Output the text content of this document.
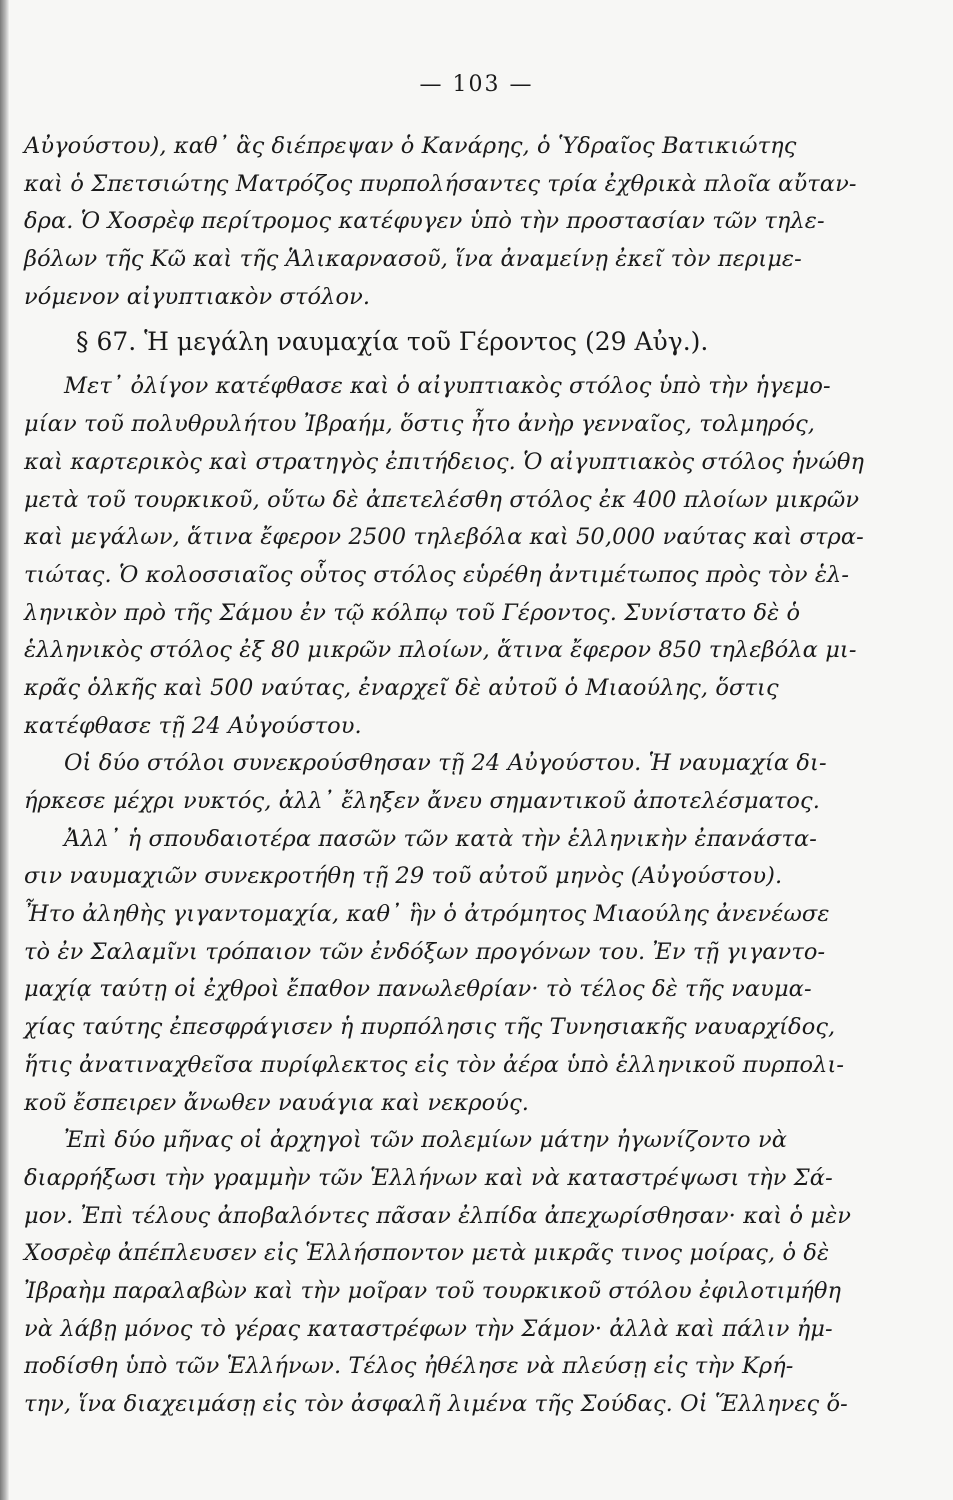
— 103 —
Αὐγούστου), καθ᾽ ἃς διέπρεψαν ὁ Κανάρης, ὁ Ὑδραῖος Βατικιώτης
καὶ ὁ Σπετσιώτης Ματρόζος πυρπολήσαντες τρία ἐχθρικὰ πλοῖα αὔταν-
δρα. Ὁ Χοσρὲφ περίτρομος κατέφυγεν ὑπὸ τὴν προστασίαν τῶν τηλε-
βόλων τῆς Κῶ καὶ τῆς Ἁλικαρνασοῦ, ἵνα ἀναμείνῃ ἐκεῖ τὸν περιμε-
νόμενον αἰγυπτιακὸν στόλον.
§ 67. Ἡ μεγάλη ναυμαχία τοῦ Γέροντος (29 Αὐγ.).
Μετ᾽ ὀλίγον κατέφθασε καὶ ὁ αἰγυπτιακὸς στόλος ὑπὸ τὴν ἡγεμο-
μίαν τοῦ πολυθρυλήτου Ἰβραήμ, ὅστις ἦτο ἀνὴρ γενναῖος, τολμηρός,
καὶ καρτερικὸς καὶ στρατηγὸς ἐπιτήδειος. Ὁ αἰγυπτιακὸς στόλος ἡνώθη
μετὰ τοῦ τουρκικοῦ, οὕτω δὲ ἀπετελέσθη στόλος ἐκ 400 πλοίων μικρῶν
καὶ μεγάλων, ἅτινα ἔφερον 2500 τηλεβόλα καὶ 50,000 ναύτας καὶ στρα-
τιώτας. Ὁ κολοσσιαῖος οὗτος στόλος εὑρέθη ἀντιμέτωπος πρὸς τὸν ἑλ-
ληνικὸν πρὸ τῆς Σάμου ἐν τῷ κόλπῳ τοῦ Γέροντος. Συνίστατο δὲ ὁ
ἑλληνικὸς στόλος ἐξ 80 μικρῶν πλοίων, ἅτινα ἔφερον 850 τηλεβόλα μι-
κρᾶς ὁλκῆς καὶ 500 ναύτας, ἐναρχεῖ δὲ αὐτοῦ ὁ Μιαούλης, ὅστις
κατέφθασε τῇ 24 Αὐγούστου.
Οἱ δύο στόλοι συνεκρούσθησαν τῇ 24 Αὐγούστου. Ἡ ναυμαχία δι-
ήρκεσε μέχρι νυκτός, ἀλλ᾽ ἔληξεν ἄνευ σημαντικοῦ ἀποτελέσματος.
Ἀλλ᾽ ἡ σπουδαιοτέρα πασῶν τῶν κατὰ τὴν ἑλληνικὴν ἐπανάστα-
σιν ναυμαχιῶν συνεκροτήθη τῇ 29 τοῦ αὐτοῦ μηνὸς (Αὐγούστου).
Ἦτο ἀληθὴς γιγαντομαχία, καθ᾽ ἣν ὁ ἀτρόμητος Μιαούλης ἀνενέωσε
τὸ ἐν Σαλαμῖνι τρόπαιον τῶν ἐνδόξων προγόνων του. Ἐν τῇ γιγαντο-
μαχίᾳ ταύτῃ οἱ ἐχθροὶ ἔπαθον πανωλεθρίαν· τὸ τέλος δὲ τῆς ναυμα-
χίας ταύτης ἐπεσφράγισεν ἡ πυρπόλησις τῆς Τυνησιακῆς ναυαρχίδος,
ἥτις ἀνατιναχθεῖσα πυρίφλεκτος εἰς τὸν ἀέρα ὑπὸ ἑλληνικοῦ πυρπολι-
κοῦ ἔσπειρεν ἄνωθεν ναυάγια καὶ νεκρούς.
Ἐπὶ δύο μῆνας οἱ ἀρχηγοὶ τῶν πολεμίων μάτην ἠγωνίζοντο νὰ
διαρρήξωσι τὴν γραμμὴν τῶν Ἑλλήνων καὶ νὰ καταστρέψωσι τὴν Σά-
μον. Ἐπὶ τέλους ἀποβαλόντες πᾶσαν ἐλπίδα ἀπεχωρίσθησαν· καὶ ὁ μὲν
Χοσρὲφ ἀπέπλευσεν εἰς Ἑλλήσποντον μετὰ μικρᾶς τινος μοίρας, ὁ δὲ
Ἰβραὴμ παραλαβὼν καὶ τὴν μοῖραν τοῦ τουρκικοῦ στόλου ἐφιλοτιμήθη
νὰ λάβῃ μόνος τὸ γέρας καταστρέφων τὴν Σάμον· ἀλλὰ καὶ πάλιν ἠμ-
ποδίσθη ὑπὸ τῶν Ἑλλήνων. Τέλος ἠθέλησε νὰ πλεύσῃ εἰς τὴν Κρή-
την, ἵνα διαχειμάσῃ εἰς τὸν ἀσφαλῆ λιμένα τῆς Σούδας. Οἱ Ἕλληνες ὅ-
